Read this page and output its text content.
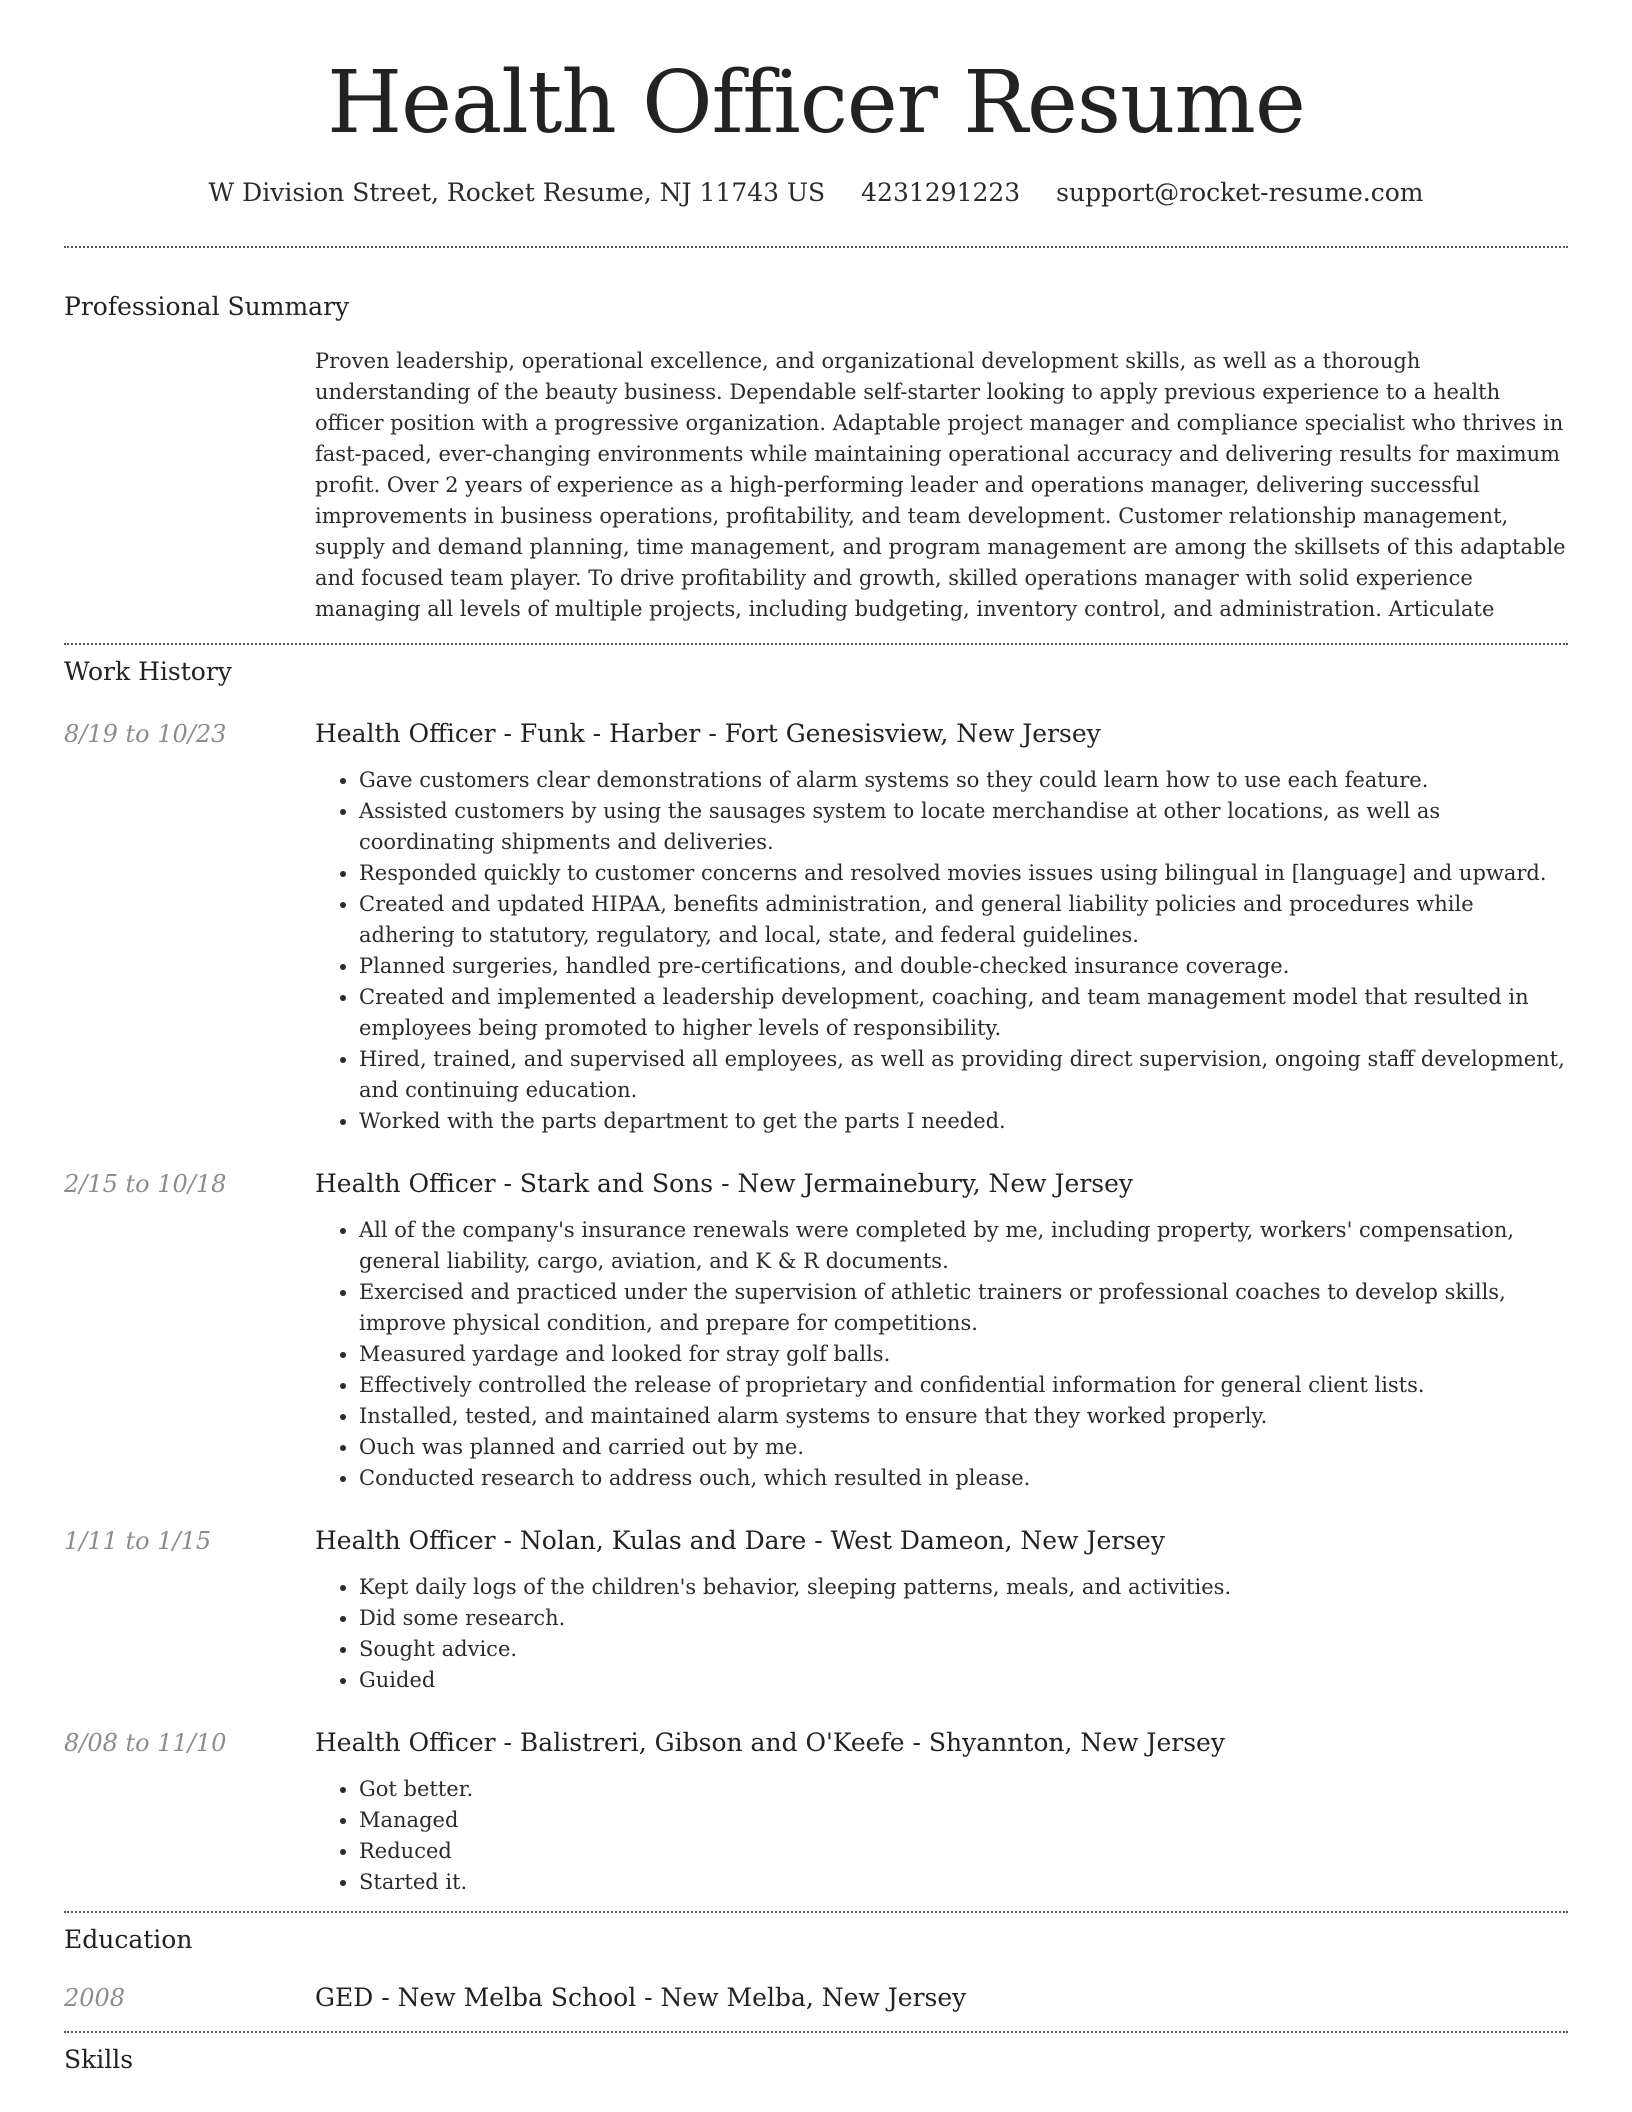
Health Officer Resume
W Division Street, Rocket Resume, NJ 11743 US 4231291223 support@rocket-resume.com
Professional Summary
Proven leadership, operational excellence, and organizational development skills, as well as a thorough understanding of the beauty business. Dependable self-starter looking to apply previous experience to a health officer position with a progressive organization. Adaptable project manager and compliance specialist who thrives in fast-paced, ever-changing environments while maintaining operational accuracy and delivering results for maximum profit. Over 2 years of experience as a high-performing leader and operations manager, delivering successful improvements in business operations, profitability, and team development. Customer relationship management, supply and demand planning, time management, and program management are among the skillsets of this adaptable and focused team player. To drive profitability and growth, skilled operations manager with solid experience managing all levels of multiple projects, including budgeting, inventory control, and administration. Articulate
Work History
8/19 to 10/23	Health Officer - Funk - Harber - Fort Genesisview, New Jersey
• Gave customers clear demonstrations of alarm systems so they could learn how to use each feature.
• Assisted customers by using the sausages system to locate merchandise at other locations, as well as coordinating shipments and deliveries.
• Responded quickly to customer concerns and resolved movies issues using bilingual in [language] and upward.
• Created and updated HIPAA, benefits administration, and general liability policies and procedures while adhering to statutory, regulatory, and local, state, and federal guidelines.
• Planned surgeries, handled pre-certifications, and double-checked insurance coverage.
• Created and implemented a leadership development, coaching, and team management model that resulted in employees being promoted to higher levels of responsibility.
• Hired, trained, and supervised all employees, as well as providing direct supervision, ongoing staff development, and continuing education.
• Worked with the parts department to get the parts I needed.
2/15 to 10/18	Health Officer - Stark and Sons - New Jermainebury, New Jersey
• All of the company's insurance renewals were completed by me, including property, workers' compensation, general liability, cargo, aviation, and K & R documents.
• Exercised and practiced under the supervision of athletic trainers or professional coaches to develop skills, improve physical condition, and prepare for competitions.
• Measured yardage and looked for stray golf balls.
• Effectively controlled the release of proprietary and confidential information for general client lists.
• Installed, tested, and maintained alarm systems to ensure that they worked properly.
• Ouch was planned and carried out by me.
• Conducted research to address ouch, which resulted in please.
1/11 to 1/15	Health Officer - Nolan, Kulas and Dare - West Dameon, New Jersey
• Kept daily logs of the children's behavior, sleeping patterns, meals, and activities.
• Did some research.
• Sought advice.
• Guided
8/08 to 11/10	Health Officer - Balistreri, Gibson and O'Keefe - Shyannton, New Jersey
• Got better.
• Managed
• Reduced
• Started it.
Education
2008	GED - New Melba School - New Melba, New Jersey
Skills
